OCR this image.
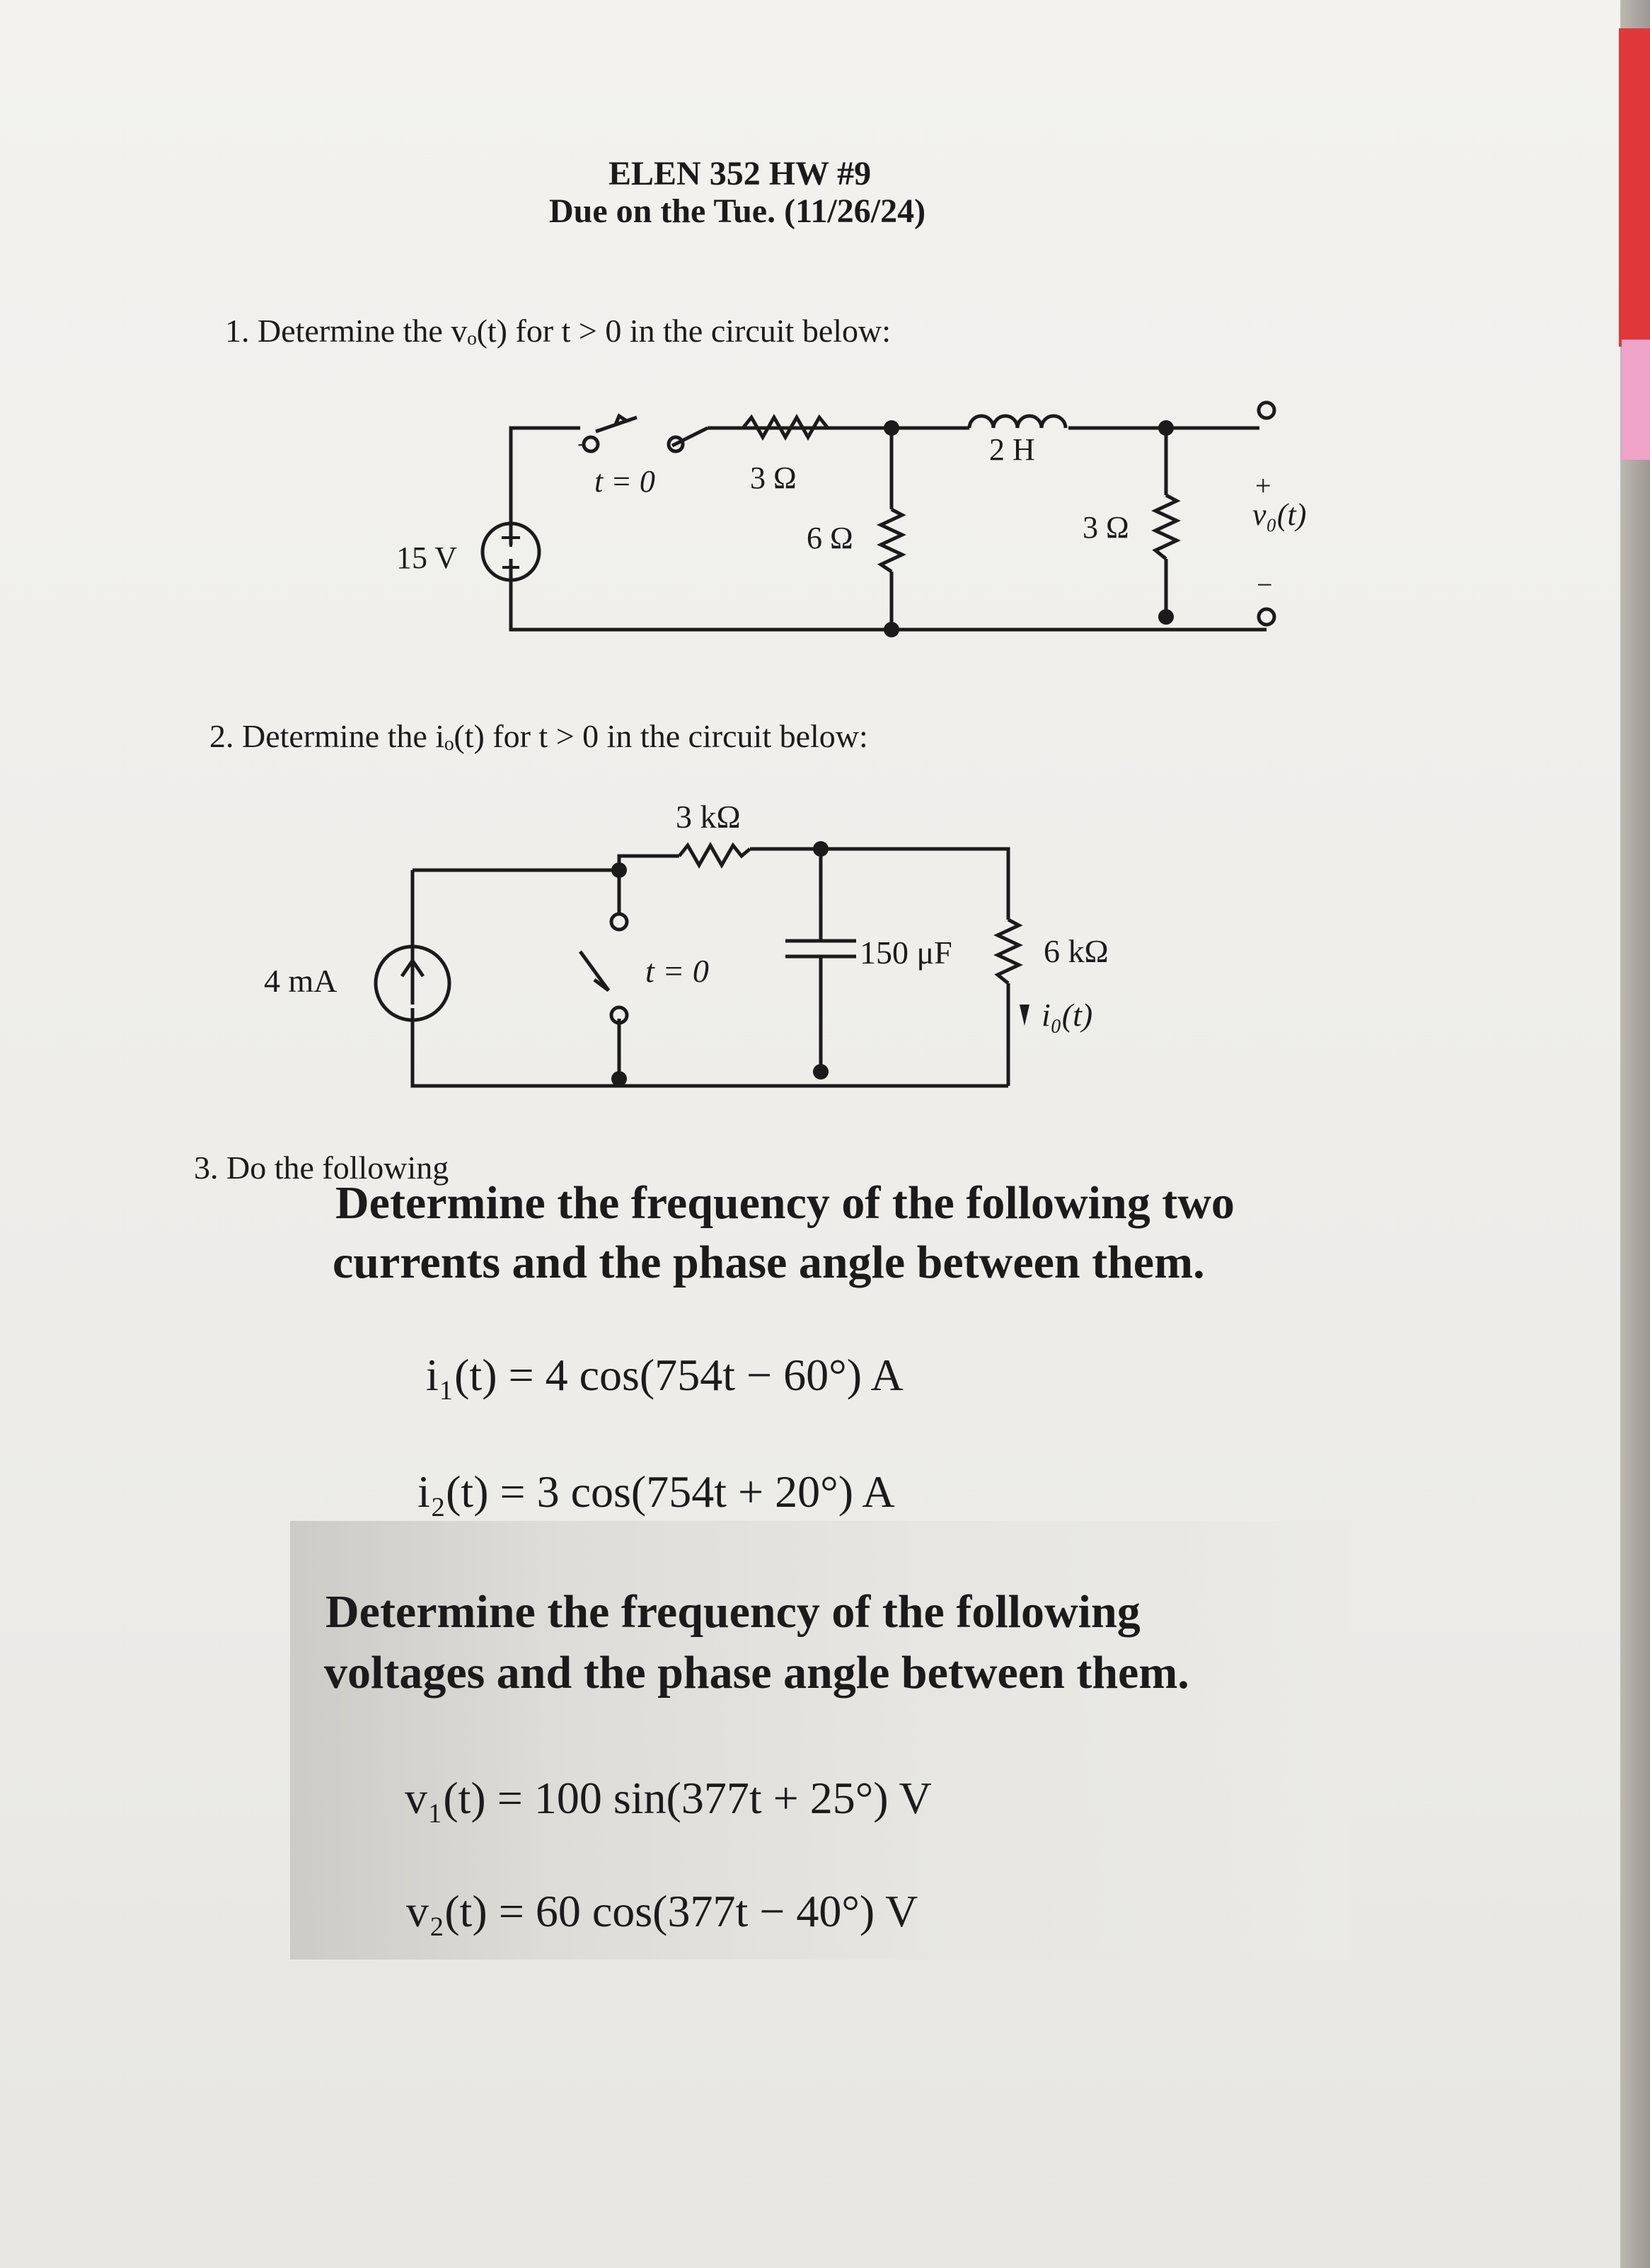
ELEN 352 HW #9
Due on the Tue. (11/26/24)
1. Determine the vₒ(t) for t > 0 in the circuit below:
15 V
t = 0	3 Ω
6 Ω
2 H
3 Ω	v₀(t)
+
−
4 mA
3 kΩ
t = 0
150 μF	6 kΩ
i₀(t)
2. Determine the iₒ(t) for t > 0 in the circuit below:
3. Do the following
Determine the frequency of the following two
currents and the phase angle between them.
i₁(t) = 4 cos(754t − 60°) A
i₂(t) = 3 cos(754t + 20°) A
Determine the frequency of the following
voltages and the phase angle between them.
v₁(t) = 100 sin(377t + 25°) V
v₂(t) = 60 cos(377t − 40°) V
